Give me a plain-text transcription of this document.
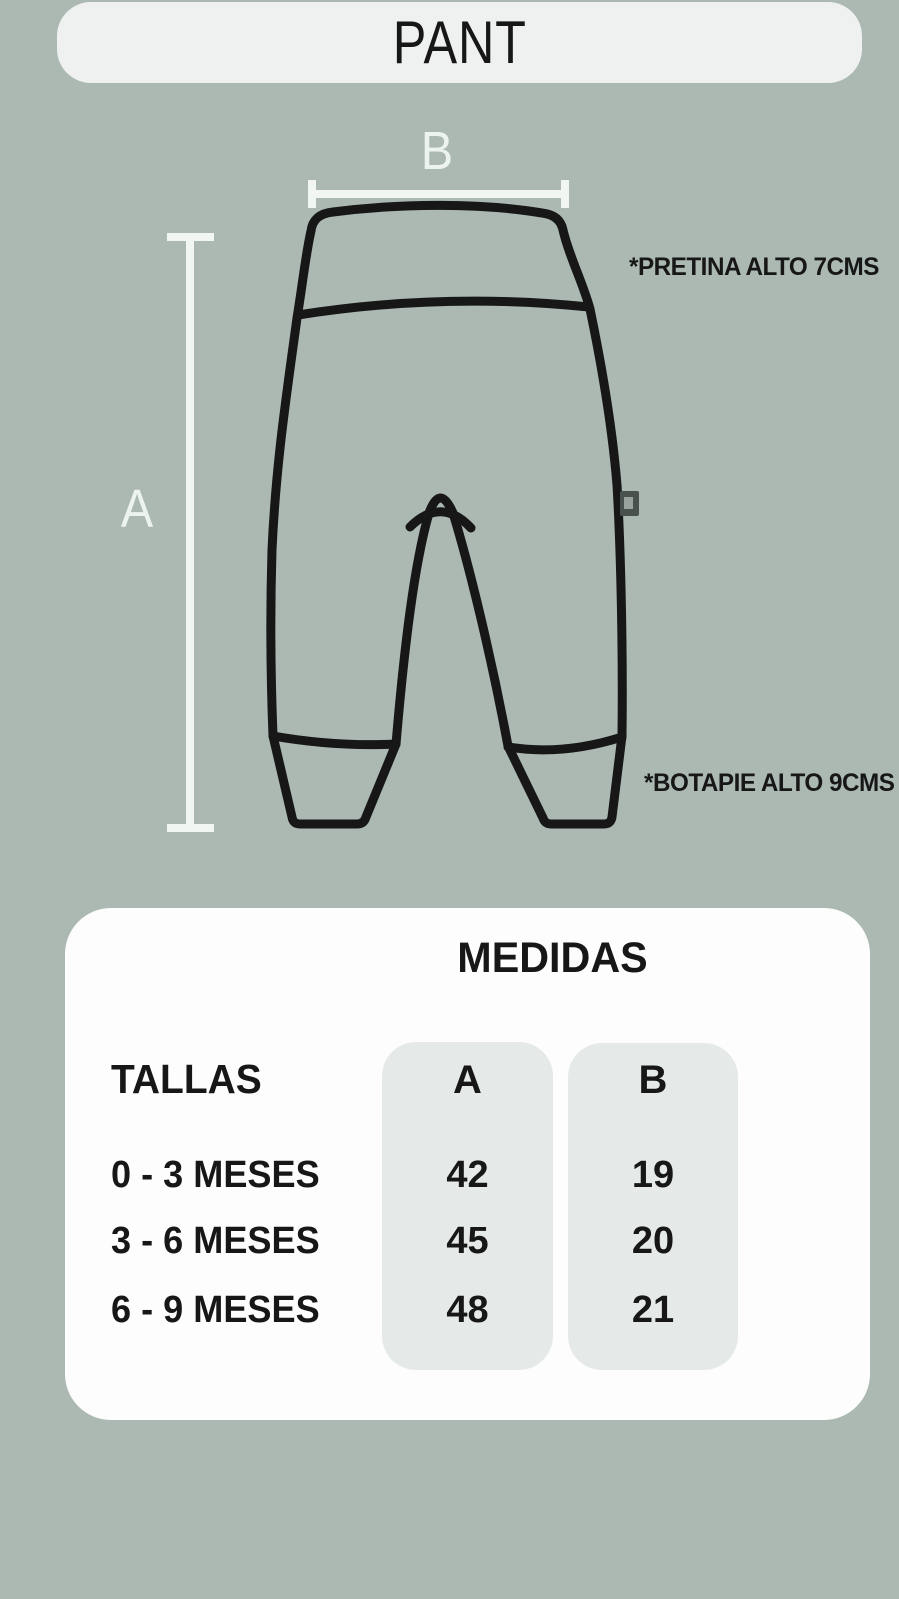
PANT
B
A
*PRETINA ALTO 7CMS
*BOTAPIE ALTO 9CMS
MEDIDAS
TALLAS	A	B
0 - 3 MESES	42	19
3 - 6 MESES	45	20
6 - 9 MESES	48	21
